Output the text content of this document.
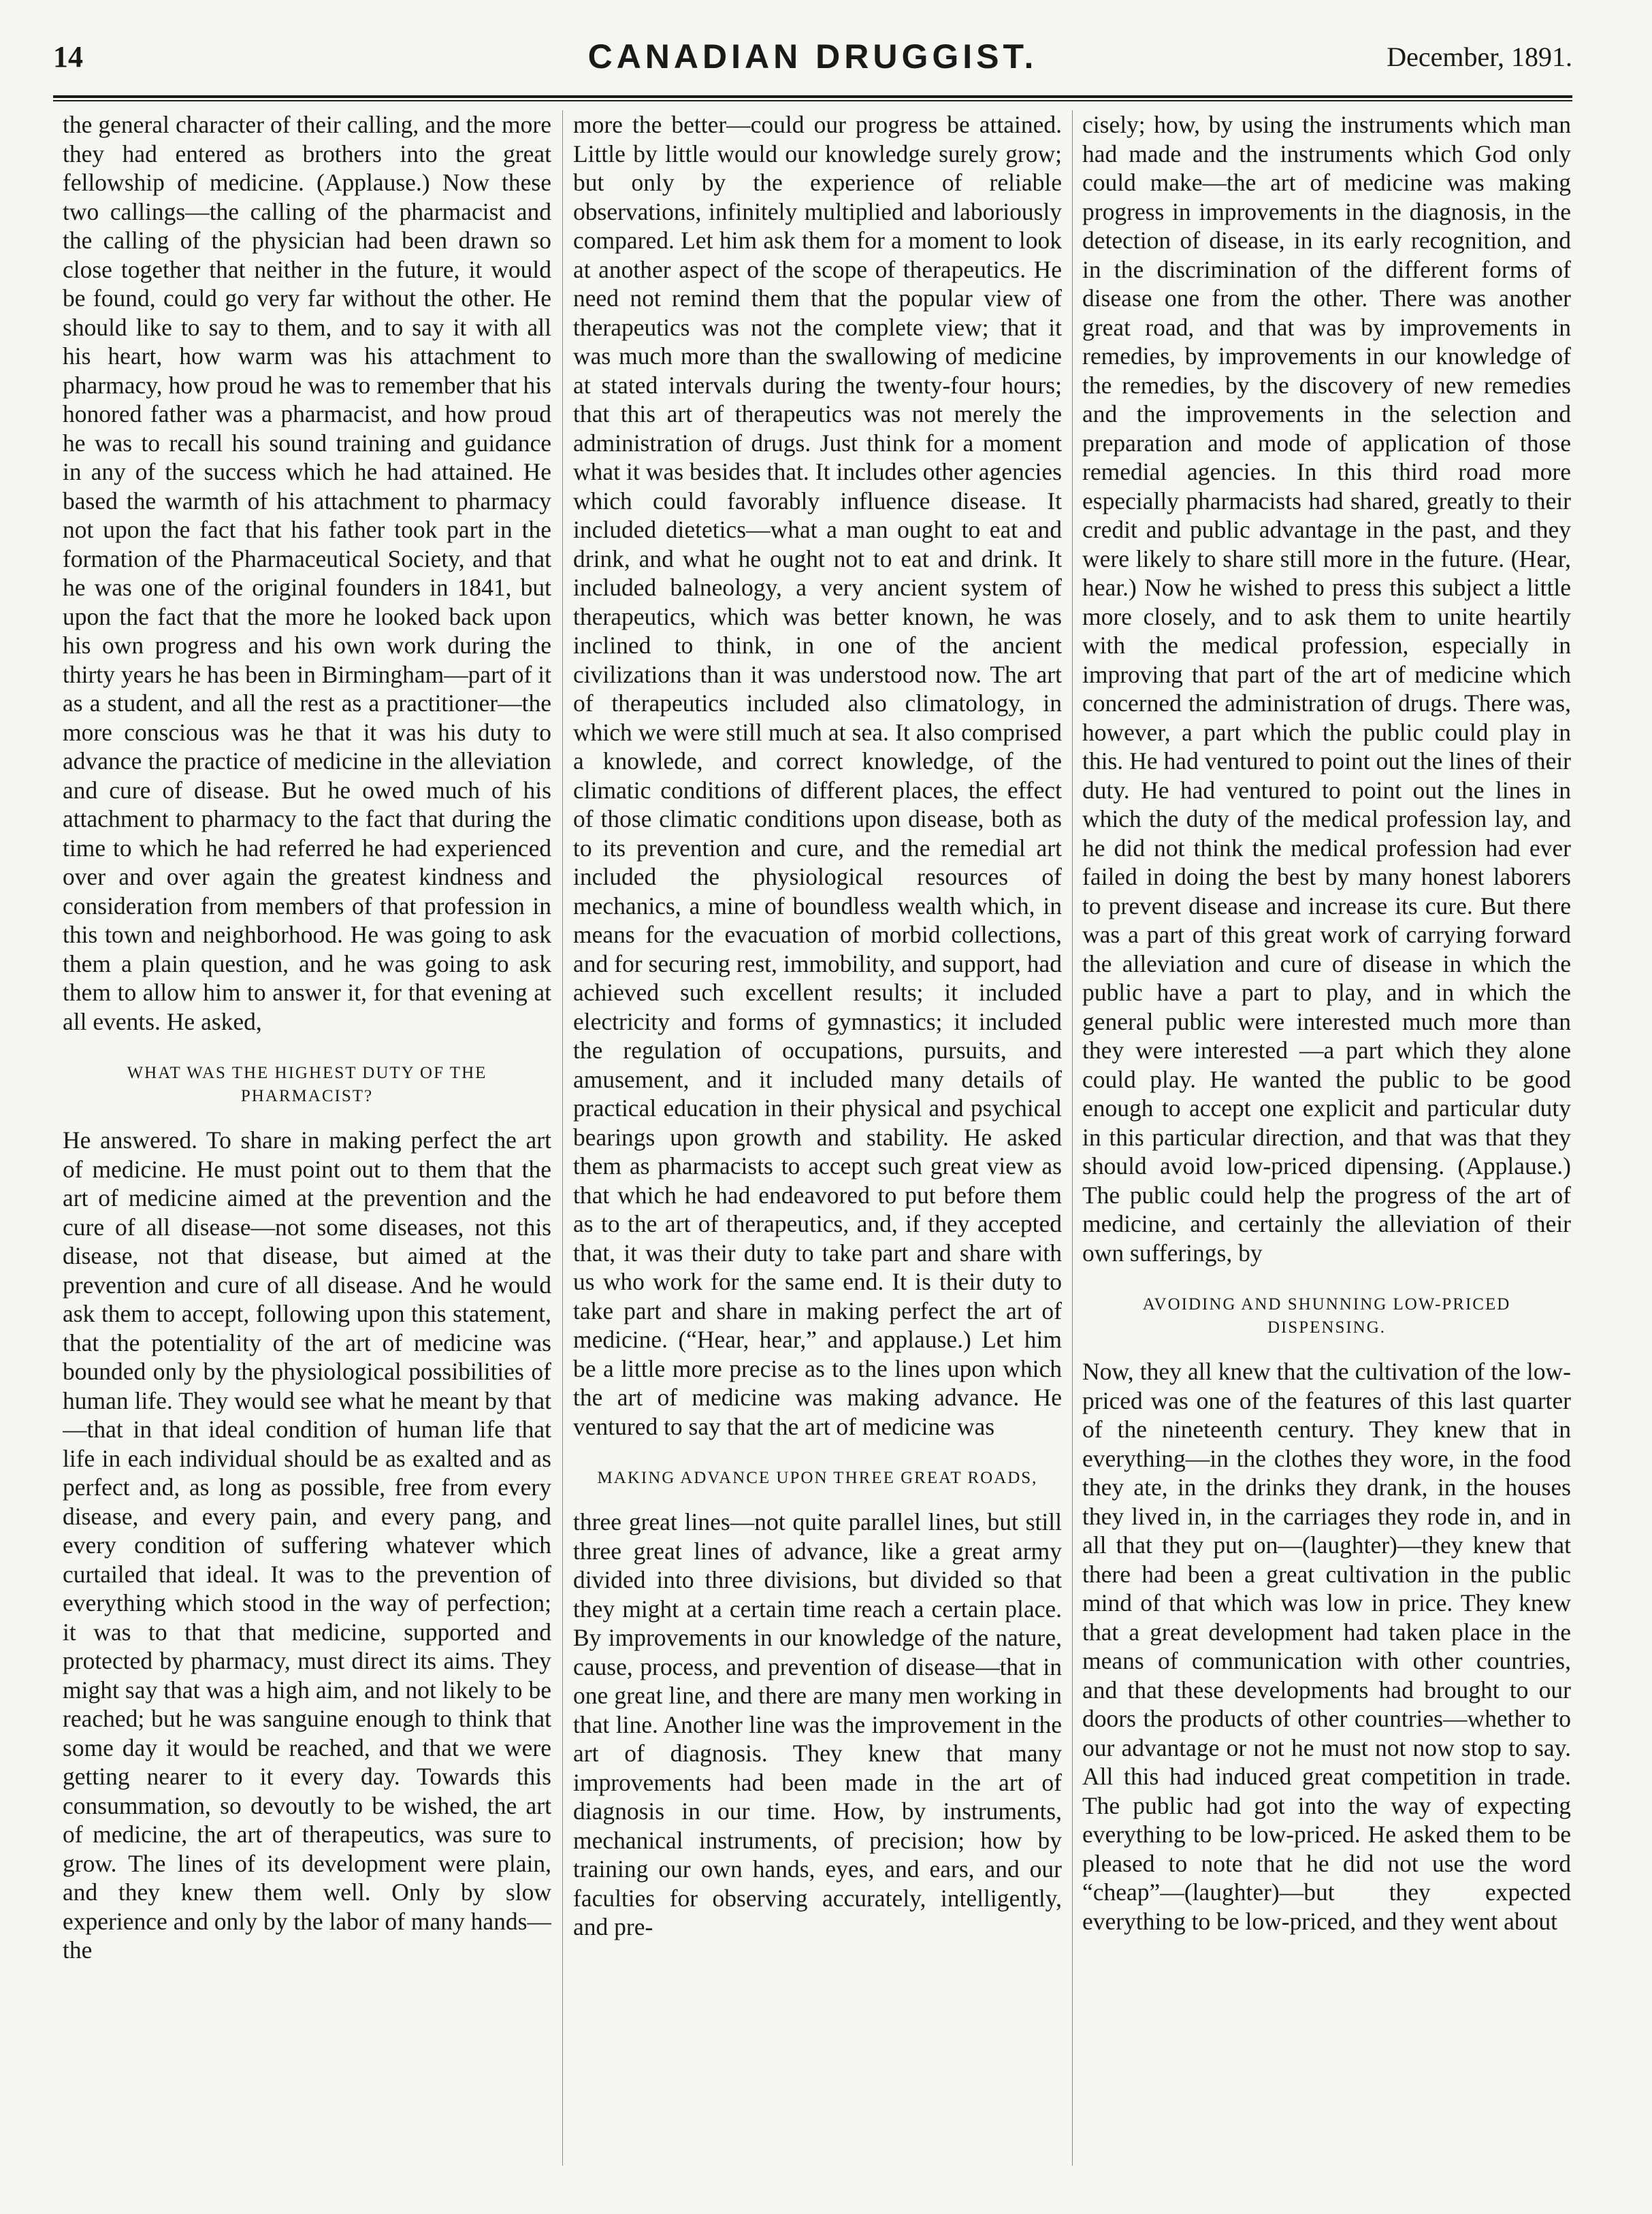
14	CANADIAN DRUGGIST.	December, 1891.

the general character of their calling, and the more they had entered as brothers into the great fellowship of medicine. (Applause.) Now these two callings—the calling of the pharmacist and the calling of the physician had been drawn so close together that neither in the future, it would be found, could go very far without the other. He should like to say to them, and to say it with all his heart, how warm was his attachment to pharmacy, how proud he was to remember that his honored father was a pharmacist, and how proud he was to recall his sound training and guidance in any of the success which he had attained. He based the warmth of his attachment to pharmacy not upon the fact that his father took part in the formation of the Pharmaceutical Society, and that he was one of the original founders in 1841, but upon the fact that the more he looked back upon his own progress and his own work during the thirty years he has been in Birmingham—part of it as a student, and all the rest as a practitioner—the more conscious was he that it was his duty to advance the practice of medicine in the alleviation and cure of disease. But he owed much of his attachment to pharmacy to the fact that during the time to which he had referred he had experienced over and over again the greatest kindness and consideration from members of that profession in this town and neighborhood. He was going to ask them a plain question, and he was going to ask them to allow him to answer it, for that evening at all events. He asked,

WHAT WAS THE HIGHEST DUTY OF THE PHARMACIST?

He answered. To share in making perfect the art of medicine. He must point out to them that the art of medicine aimed at the prevention and the cure of all disease—not some diseases, not this disease, not that disease, but aimed at the prevention and cure of all disease. And he would ask them to accept, following upon this statement, that the potentiality of the art of medicine was bounded only by the physiological possibilities of human life. They would see what he meant by that—that in that ideal condition of human life that life in each individual should be as exalted and as perfect and, as long as possible, free from every disease, and every pain, and every pang, and every condition of suffering whatever which curtailed that ideal. It was to the prevention of everything which stood in the way of perfection; it was to that that medicine, supported and protected by pharmacy, must direct its aims. They might say that was a high aim, and not likely to be reached; but he was sanguine enough to think that some day it would be reached, and that we were getting nearer to it every day. Towards this consummation, so devoutly to be wished, the art of medicine, the art of therapeutics, was sure to grow. The lines of its development were plain, and they knew them well. Only by slow experience and only by the labor of many hands—the

more the better—could our progress be attained. Little by little would our knowledge surely grow; but only by the experience of reliable observations, infinitely multiplied and laboriously compared. Let him ask them for a moment to look at another aspect of the scope of therapeutics. He need not remind them that the popular view of therapeutics was not the complete view; that it was much more than the swallowing of medicine at stated intervals during the twenty-four hours; that this art of therapeutics was not merely the administration of drugs. Just think for a moment what it was besides that. It includes other agencies which could favorably influence disease. It included dietetics—what a man ought to eat and drink, and what he ought not to eat and drink. It included balneology, a very ancient system of therapeutics, which was better known, he was inclined to think, in one of the ancient civilizations than it was understood now. The art of therapeutics included also climatology, in which we were still much at sea. It also comprised a knowlede, and correct knowledge, of the climatic conditions of different places, the effect of those climatic conditions upon disease, both as to its prevention and cure, and the remedial art included the physiological resources of mechanics, a mine of boundless wealth which, in means for the evacuation of morbid collections, and for securing rest, immobility, and support, had achieved such excellent results; it included electricity and forms of gymnastics; it included the regulation of occupations, pursuits, and amusement, and it included many details of practical education in their physical and psychical bearings upon growth and stability. He asked them as pharmacists to accept such great view as that which he had endeavored to put before them as to the art of therapeutics, and, if they accepted that, it was their duty to take part and share with us who work for the same end. It is their duty to take part and share in making perfect the art of medicine. (“Hear, hear,” and applause.) Let him be a little more precise as to the lines upon which the art of medicine was making advance. He ventured to say that the art of medicine was

MAKING ADVANCE UPON THREE GREAT ROADS,

three great lines—not quite parallel lines, but still three great lines of advance, like a great army divided into three divisions, but divided so that they might at a certain time reach a certain place. By improvements in our knowledge of the nature, cause, process, and prevention of disease—that in one great line, and there are many men working in that line. Another line was the improvement in the art of diagnosis. They knew that many improvements had been made in the art of diagnosis in our time. How, by instruments, mechanical instruments, of precision; how by training our own hands, eyes, and ears, and our faculties for observing accurately, intelligently, and pre-

cisely; how, by using the instruments which man had made and the instruments which God only could make—the art of medicine was making progress in improvements in the diagnosis, in the detection of disease, in its early recognition, and in the discrimination of the different forms of disease one from the other. There was another great road, and that was by improvements in remedies, by improvements in our knowledge of the remedies, by the discovery of new remedies and the improvements in the selection and preparation and mode of application of those remedial agencies. In this third road more especially pharmacists had shared, greatly to their credit and public advantage in the past, and they were likely to share still more in the future. (Hear, hear.) Now he wished to press this subject a little more closely, and to ask them to unite heartily with the medical profession, especially in improving that part of the art of medicine which concerned the administration of drugs. There was, however, a part which the public could play in this. He had ventured to point out the lines of their duty. He had ventured to point out the lines in which the duty of the medical profession lay, and he did not think the medical profession had ever failed in doing the best by many honest laborers to prevent disease and increase its cure. But there was a part of this great work of carrying forward the alleviation and cure of disease in which the public have a part to play, and in which the general public were interested much more than they were interested —a part which they alone could play. He wanted the public to be good enough to accept one explicit and particular duty in this particular direction, and that was that they should avoid low-priced dipensing. (Applause.) The public could help the progress of the art of medicine, and certainly the alleviation of their own sufferings, by

AVOIDING AND SHUNNING LOW-PRICED DISPENSING.

Now, they all knew that the cultivation of the low-priced was one of the features of this last quarter of the nineteenth century. They knew that in everything—in the clothes they wore, in the food they ate, in the drinks they drank, in the houses they lived in, in the carriages they rode in, and in all that they put on—(laughter)—they knew that there had been a great cultivation in the public mind of that which was low in price. They knew that a great development had taken place in the means of communication with other countries, and that these developments had brought to our doors the products of other countries—whether to our advantage or not he must not now stop to say. All this had induced great competition in trade. The public had got into the way of expecting everything to be low-priced. He asked them to be pleased to note that he did not use the word “cheap”—(laughter)—but they expected everything to be low-priced, and they went about
